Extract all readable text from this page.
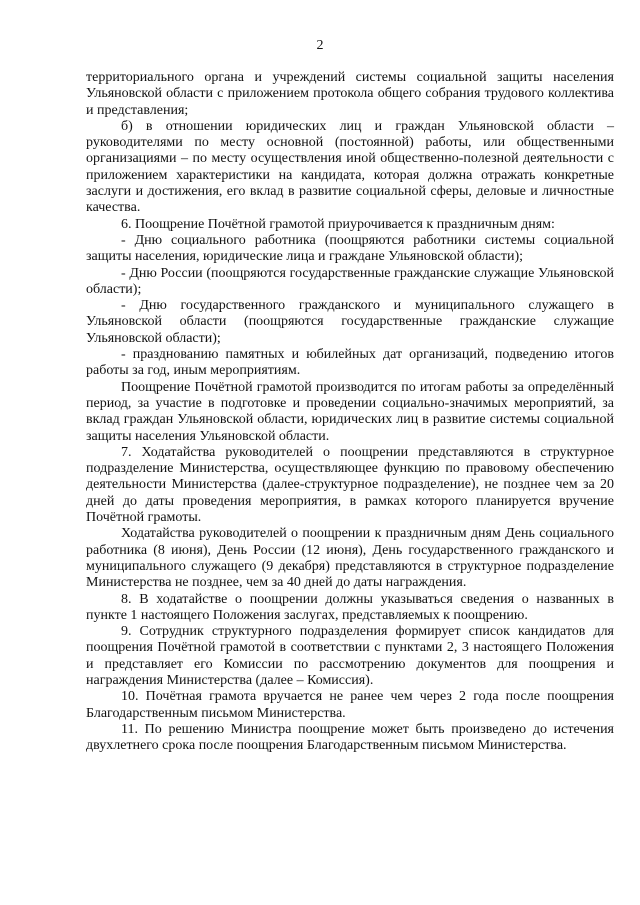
2

территориального органа и учреждений системы социальной защиты населения Ульяновской области с приложением протокола общего собрания трудового коллектива и представления;

б) в отношении юридических лиц и граждан Ульяновской области – руководителями по месту основной (постоянной) работы, или общественными организациями – по месту осуществления иной общественно-полезной деятельности с приложением характеристики на кандидата, которая должна отражать конкретные заслуги и достижения, его вклад в развитие социальной сферы, деловые и личностные качества.

6. Поощрение Почётной грамотой приурочивается к праздничным дням:

- Дню социального работника (поощряются работники системы социальной защиты населения, юридические лица и граждане Ульяновской области);

- Дню России (поощряются государственные гражданские служащие Ульяновской области);

- Дню государственного гражданского и муниципального служащего в Ульяновской области (поощряются государственные гражданские служащие Ульяновской области);

- празднованию памятных и юбилейных дат организаций, подведению итогов работы за год, иным мероприятиям.

Поощрение Почётной грамотой производится по итогам работы за определённый период, за участие в подготовке и проведении социально-значимых мероприятий, за вклад граждан Ульяновской области, юридических лиц в развитие системы социальной защиты населения Ульяновской области.

7. Ходатайства руководителей о поощрении представляются в структурное подразделение Министерства, осуществляющее функцию по правовому обеспечению деятельности Министерства (далее-структурное подразделение), не позднее чем за 20 дней до даты проведения мероприятия, в рамках которого планируется вручение Почётной грамоты.

Ходатайства руководителей о поощрении к праздничным дням День социального работника (8 июня), День России (12 июня), День государственного гражданского и муниципального служащего (9 декабря) представляются в структурное подразделение Министерства не позднее, чем за 40 дней до даты награждения.

8. В ходатайстве о поощрении должны указываться сведения о названных в пункте 1 настоящего Положения заслугах, представляемых к поощрению.

9. Сотрудник структурного подразделения формирует список кандидатов для поощрения Почётной грамотой в соответствии с пунктами 2, 3 настоящего Положения и представляет его Комиссии по рассмотрению документов для поощрения и награждения Министерства (далее – Комиссия).

10. Почётная грамота вручается не ранее чем через 2 года после поощрения Благодарственным письмом Министерства.

11. По решению Министра поощрение может быть произведено до истечения двухлетнего срока после поощрения Благодарственным письмом Министерства.
